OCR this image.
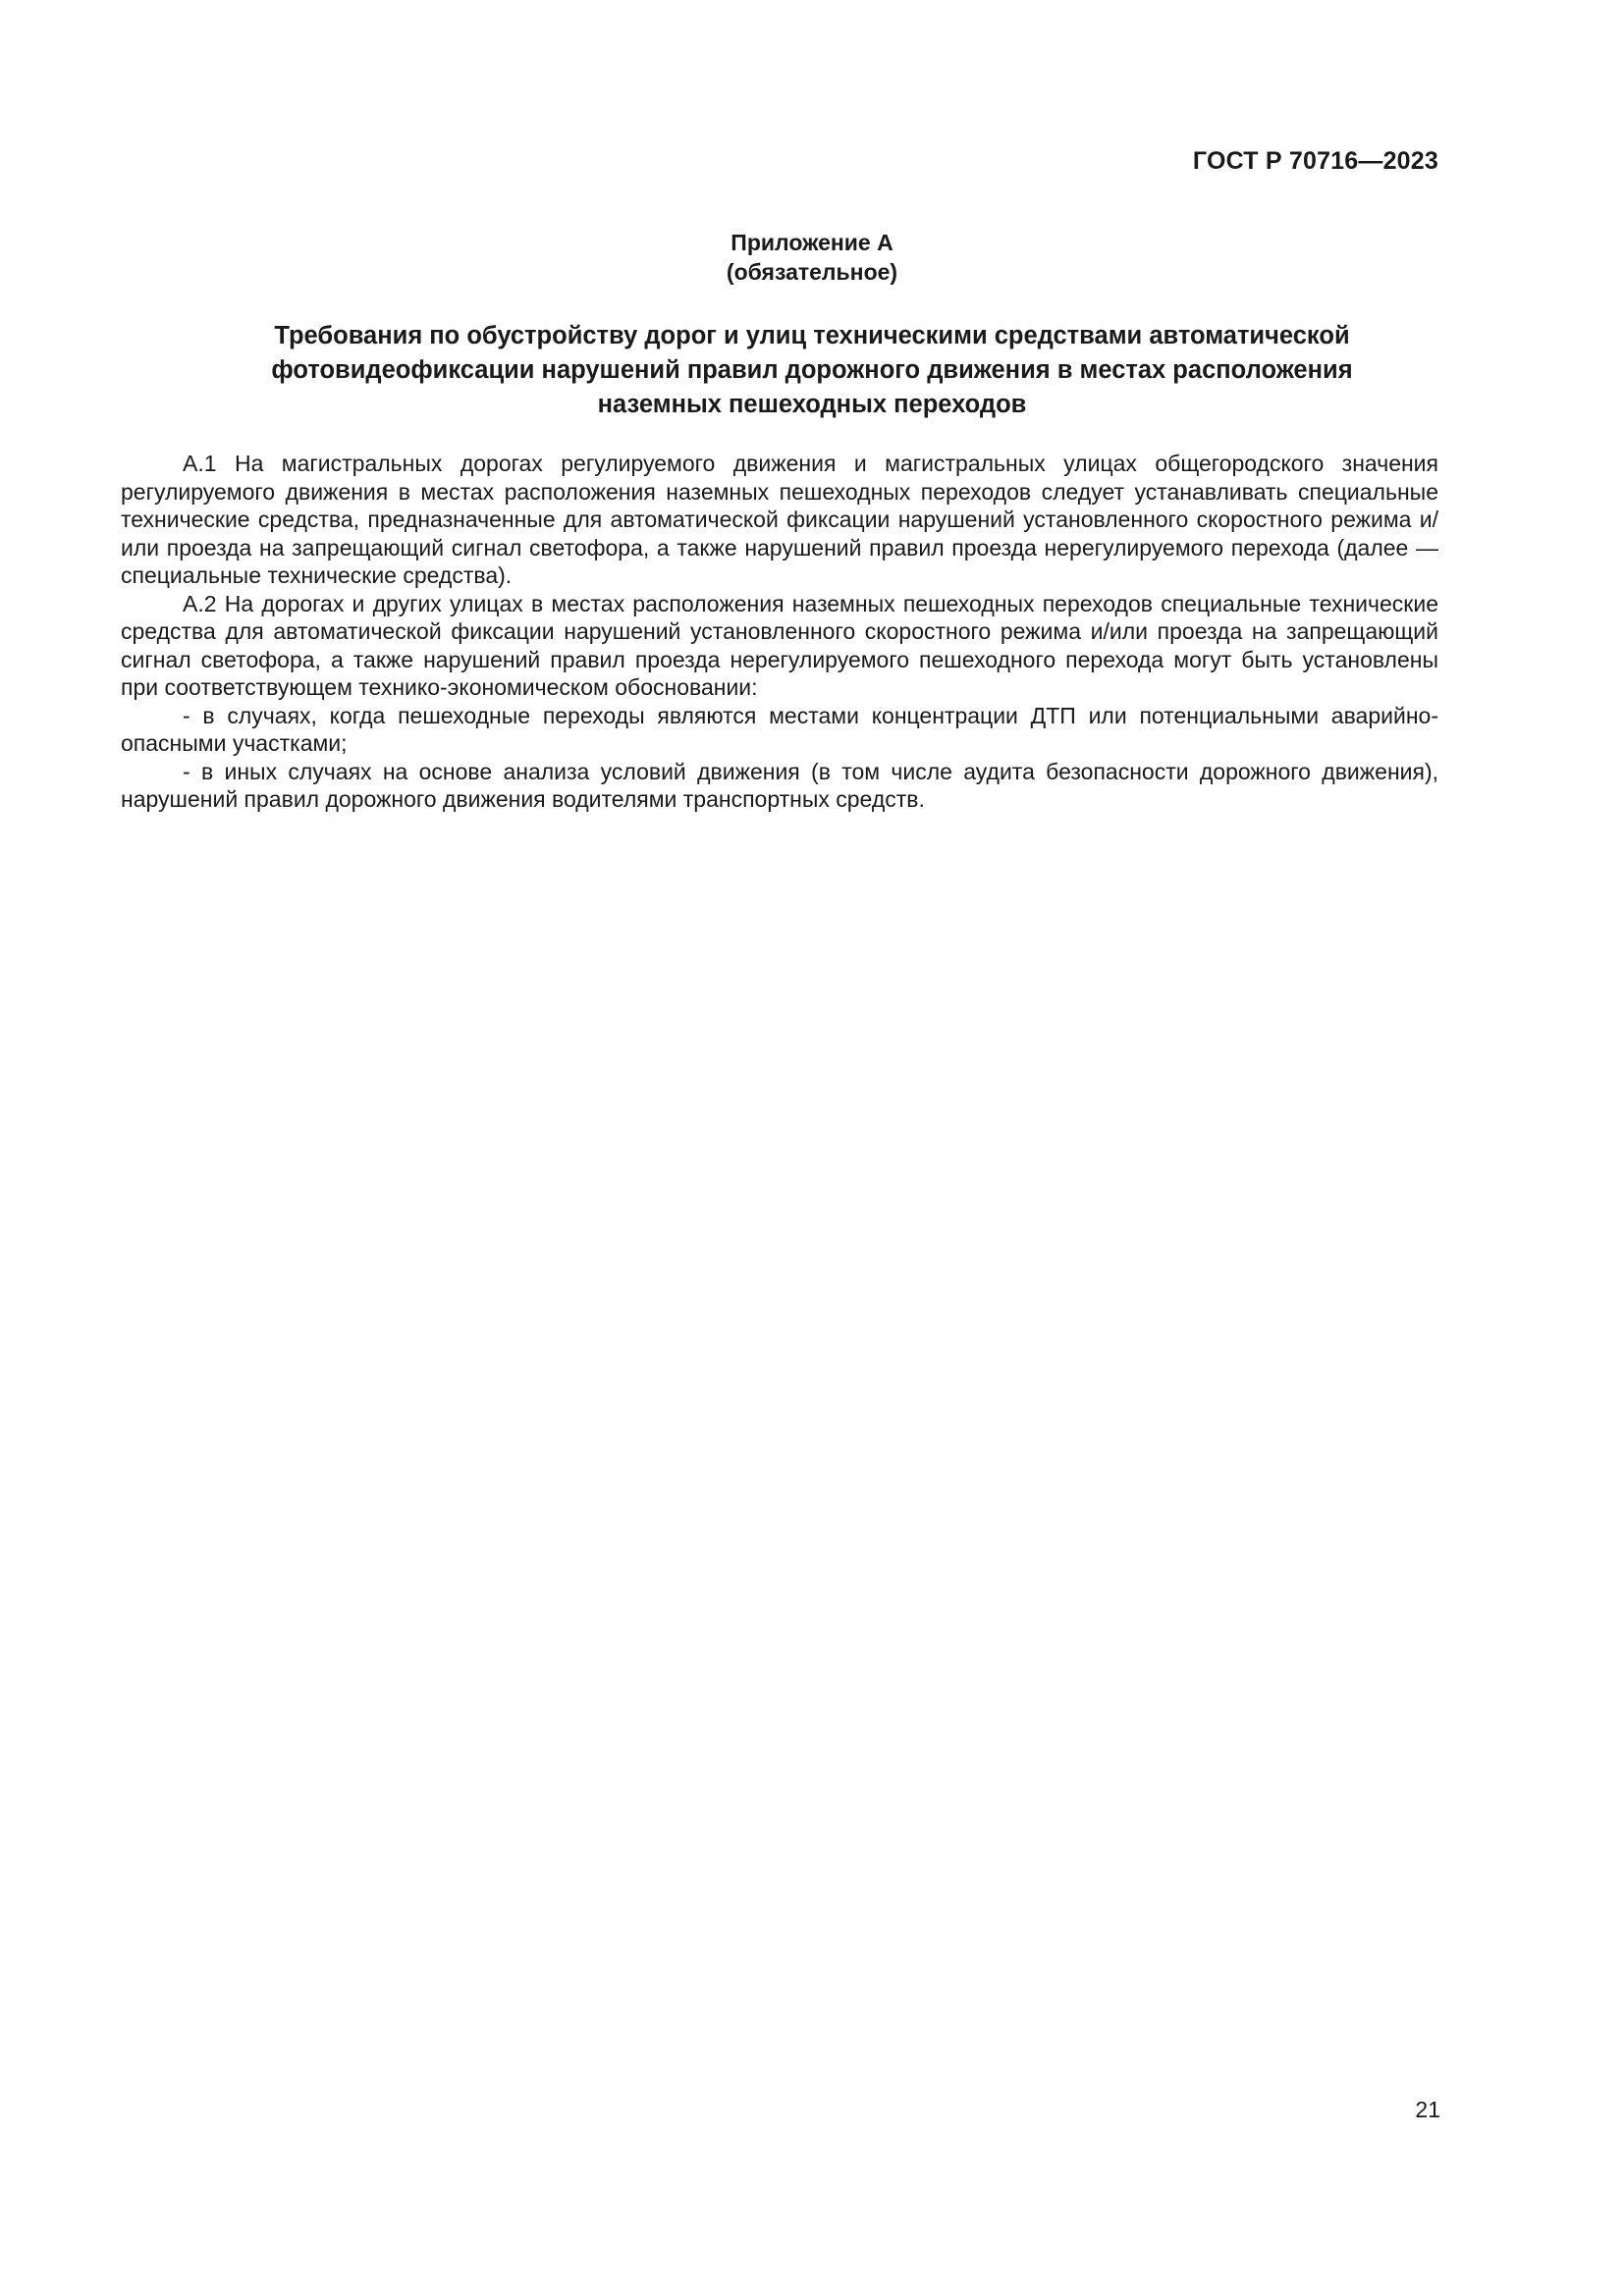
ГОСТ Р 70716—2023
Приложение А
(обязательное)
Требования по обустройству дорог и улиц техническими средствами автоматической
фотовидеофиксации нарушений правил дорожного движения в местах расположения
наземных пешеходных переходов

А.1 На магистральных дорогах регулируемого движения и магистральных улицах общегородского значения регулируемого движения в местах расположения наземных пешеходных переходов следует устанавливать специальные технические средства, предназначенные для автоматической фиксации нарушений установленного скоростного режима и/или проезда на запрещающий сигнал светофора, а также нарушений правил проезда нерегулируемого перехода (далее — специальные технические средства).

А.2 На дорогах и других улицах в местах расположения наземных пешеходных переходов специальные технические средства для автоматической фиксации нарушений установленного скоростного режима и/или проезда на запрещающий сигнал светофора, а также нарушений правил проезда нерегулируемого пешеходного перехода могут быть установлены при соответствующем технико-экономическом обосновании:

- в случаях, когда пешеходные переходы являются местами концентрации ДТП или потенциальными аварийно-опасными участками;

- в иных случаях на основе анализа условий движения (в том числе аудита безопасности дорожного движения), нарушений правил дорожного движения водителями транспортных средств.

21
